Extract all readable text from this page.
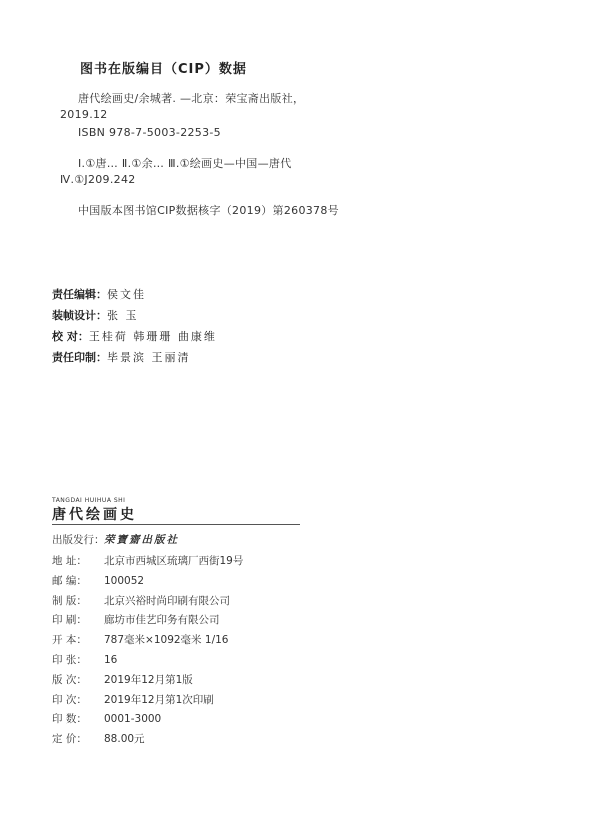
图书在版编目（CIP）数据
唐代绘画史/余城著. —北京：荣宝斋出版社，
2019.12
ISBN 978-7-5003-2253-5
Ⅰ.①唐… Ⅱ.①余… Ⅲ.①绘画史—中国—唐代
Ⅳ.①J209.242
中国版本图书馆CIP数据核字（2019）第260378号
责任编辑：侯文佳
装帧设计：张 玉
校 对：王桂荷 韩珊珊 曲康维
责任印制：毕景滨 王丽清
TANGDAI HUIHUA SHI
唐代绘画史
出版发行：荣寶齋出版社
地 址： 北京市西城区琉璃厂西街19号
邮 编： 100052
制 版： 北京兴裕时尚印刷有限公司
印 刷： 廊坊市佳艺印务有限公司
开 本： 787毫米×1092毫米 1/16
印 张： 16
版 次： 2019年12月第1版
印 次： 2019年12月第1次印刷
印 数： 0001-3000
定 价： 88.00元
